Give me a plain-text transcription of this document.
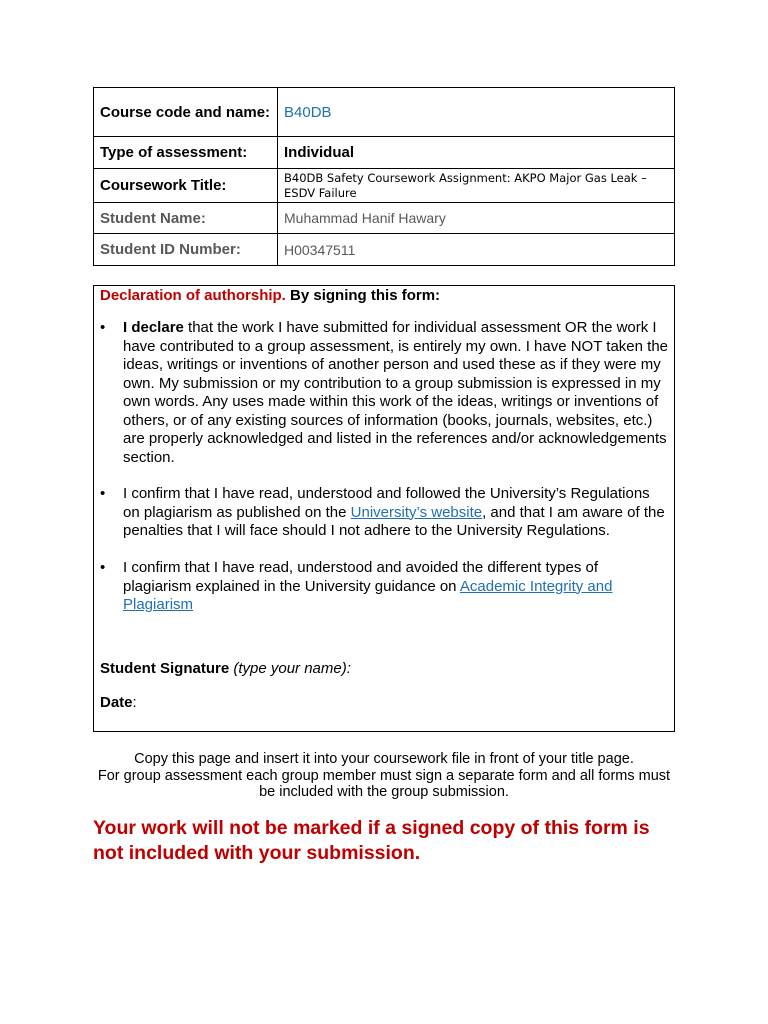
Course code and name:	B40DB
Type of assessment:	Individual
Coursework Title:	B40DB Safety Coursework Assignment: AKPO Major Gas Leak – ESDV Failure
Student Name:	Muhammad Hanif Hawary
Student ID Number:	H00347511
Declaration of authorship. By signing this form:
•	I declare that the work I have submitted for individual assessment OR the work I have contributed to a group assessment, is entirely my own. I have NOT taken the ideas, writings or inventions of another person and used these as if they were my own. My submission or my contribution to a group submission is expressed in my own words. Any uses made within this work of the ideas, writings or inventions of others, or of any existing sources of information (books, journals, websites, etc.) are properly acknowledged and listed in the references and/or acknowledgements section.
•	I confirm that I have read, understood and followed the University’s Regulations on plagiarism as published on the University’s website, and that I am aware of the penalties that I will face should I not adhere to the University Regulations.
•	I confirm that I have read, understood and avoided the different types of plagiarism explained in the University guidance on Academic Integrity and Plagiarism
Student Signature (type your name):
Date:
Copy this page and insert it into your coursework file in front of your title page.
For group assessment each group member must sign a separate form and all forms must be included with the group submission.
Your work will not be marked if a signed copy of this form is not included with your submission.
